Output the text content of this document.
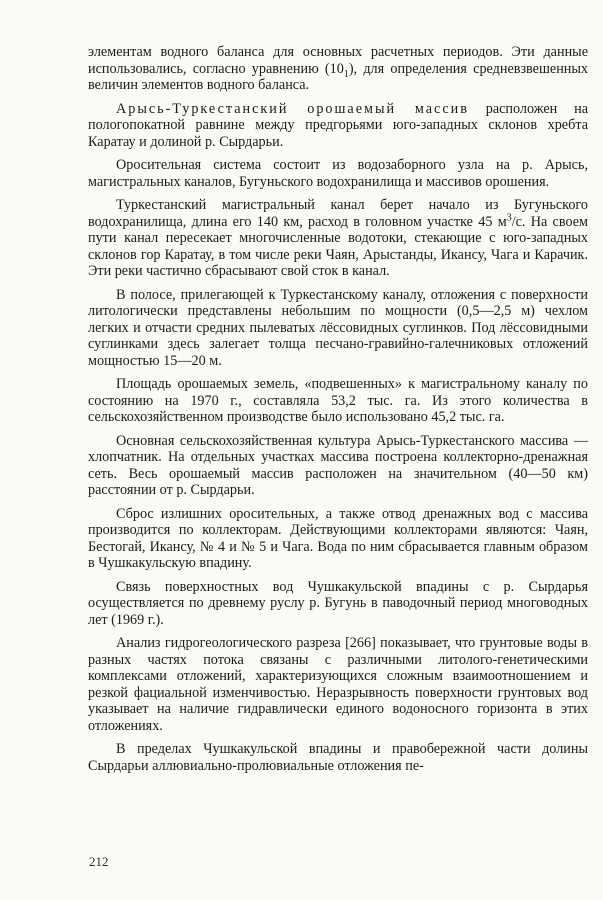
элементам водного баланса для основных расчетных периодов. Эти данные использовались, согласно уравнению $(10_1)$, для определения средневзвешенных величин элементов водного баланса.

Арысь-Туркестанский орошаемый массив расположен на пологопокатной равнине между предгорьями юго-западных склонов хребта Каратау и долиной р. Сырдарьи.

Оросительная система состоит из водозаборного узла на р. Арысь, магистральных каналов, Бугуньского водохранилища и массивов орошения.

Туркестанский магистральный канал берет начало из Бугуньского водохранилища, длина его 140 км, расход в головном участке 45 $м^3/с$. На своем пути канал пересекает многочисленные водотоки, стекающие с юго-западных склонов гор Каратау, в том числе реки Чаян, Арыстанды, Икансу, Чага и Карачик. Эти реки частично сбрасывают свой сток в канал.

В полосе, прилегающей к Туркестанскому каналу, отложения с поверхности литологически представлены небольшим по мощности (0,5—2,5 м) чехлом легких и отчасти средних пылеватых лёссовидных суглинков. Под лёссовидными суглинками здесь залегает толща песчано-гравийно-галечниковых отложений мощностью 15—20 м.

Площадь орошаемых земель, «подвешенных» к магистральному каналу по состоянию на 1970 г., составляла 53,2 тыс. га. Из этого количества в сельскохозяйственном производстве было использовано 45,2 тыс. га.

Основная сельскохозяйственная культура Арысь-Туркестанского массива — хлопчатник. На отдельных участках массива построена коллекторно-дренажная сеть. Весь орошаемый массив расположен на значительном (40—50 км) расстоянии от р. Сырдарьи.

Сброс излишних оросительных, а также отвод дренажных вод с массива производится по коллекторам. Действующими коллекторами являются: Чаян, Бестогай, Икансу, № 4 и № 5 и Чага. Вода по ним сбрасывается главным образом в Чушкакульскую впадину.

Связь поверхностных вод Чушкакульской впадины с р. Сырдарья осуществляется по древнему руслу р. Бугунь в паводочный период многоводных лет (1969 г.).

Анализ гидрогеологического разреза [266] показывает, что грунтовые воды в разных частях потока связаны с различными литолого-генетическими комплексами отложений, характеризующихся сложным взаимоотношением и резкой фациальной изменчивостью. Неразрывность поверхности грунтовых вод указывает на наличие гидравлически единого водоносного горизонта в этих отложениях.

В пределах Чушкакульской впадины и правобережной части долины Сырдарьи аллювиально-пролювиальные отложения пе-

212
